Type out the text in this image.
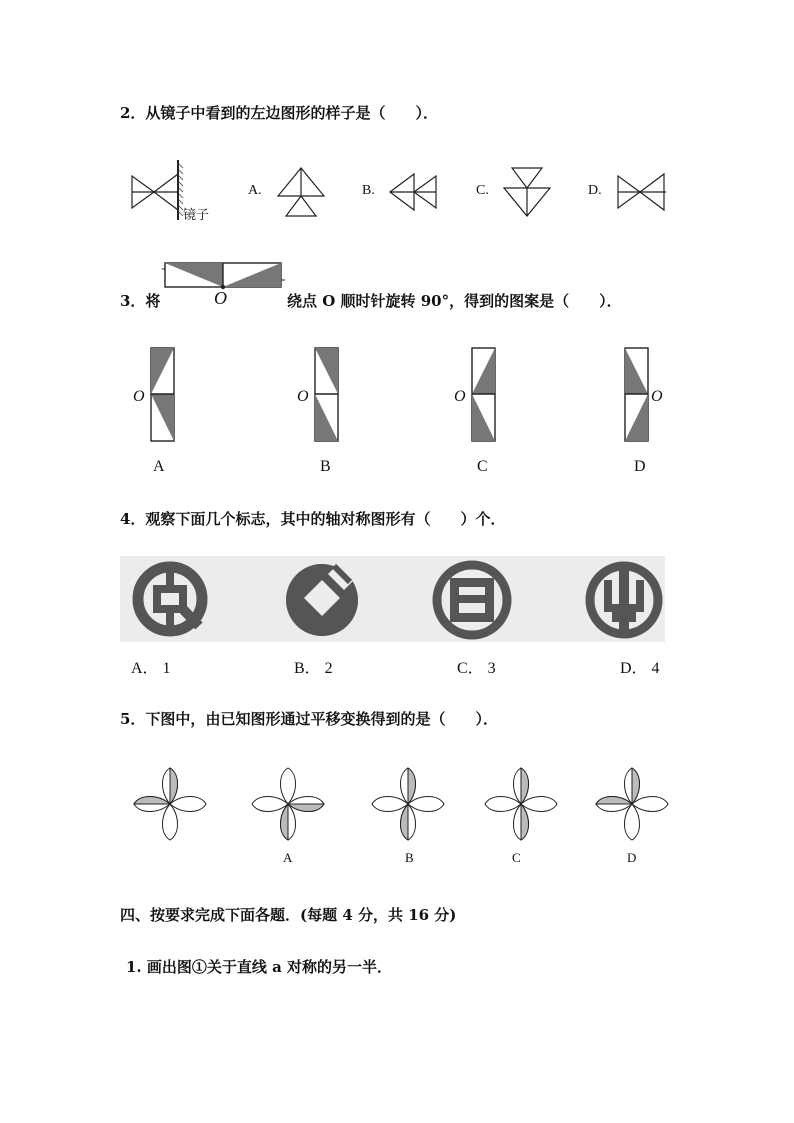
2．从镜子中看到的左边图形的样子是（　　）．
镜子
A.	B.	C.	D.
3．将	O	绕点 O 顺时针旋转 90°，得到的图案是（　　）．
O
A
O
B
O
C
O
D
4．观察下面几个标志，其中的轴对称图形有（　　）个．
A． 1	B． 2	C． 3	D． 4
5．下图中，由已知图形通过平移变换得到的是（　　）．
A	B	C	D
四、按要求完成下面各题．(每题 4 分，共 16 分)
1. 画出图①关于直线 a 对称的另一半．
